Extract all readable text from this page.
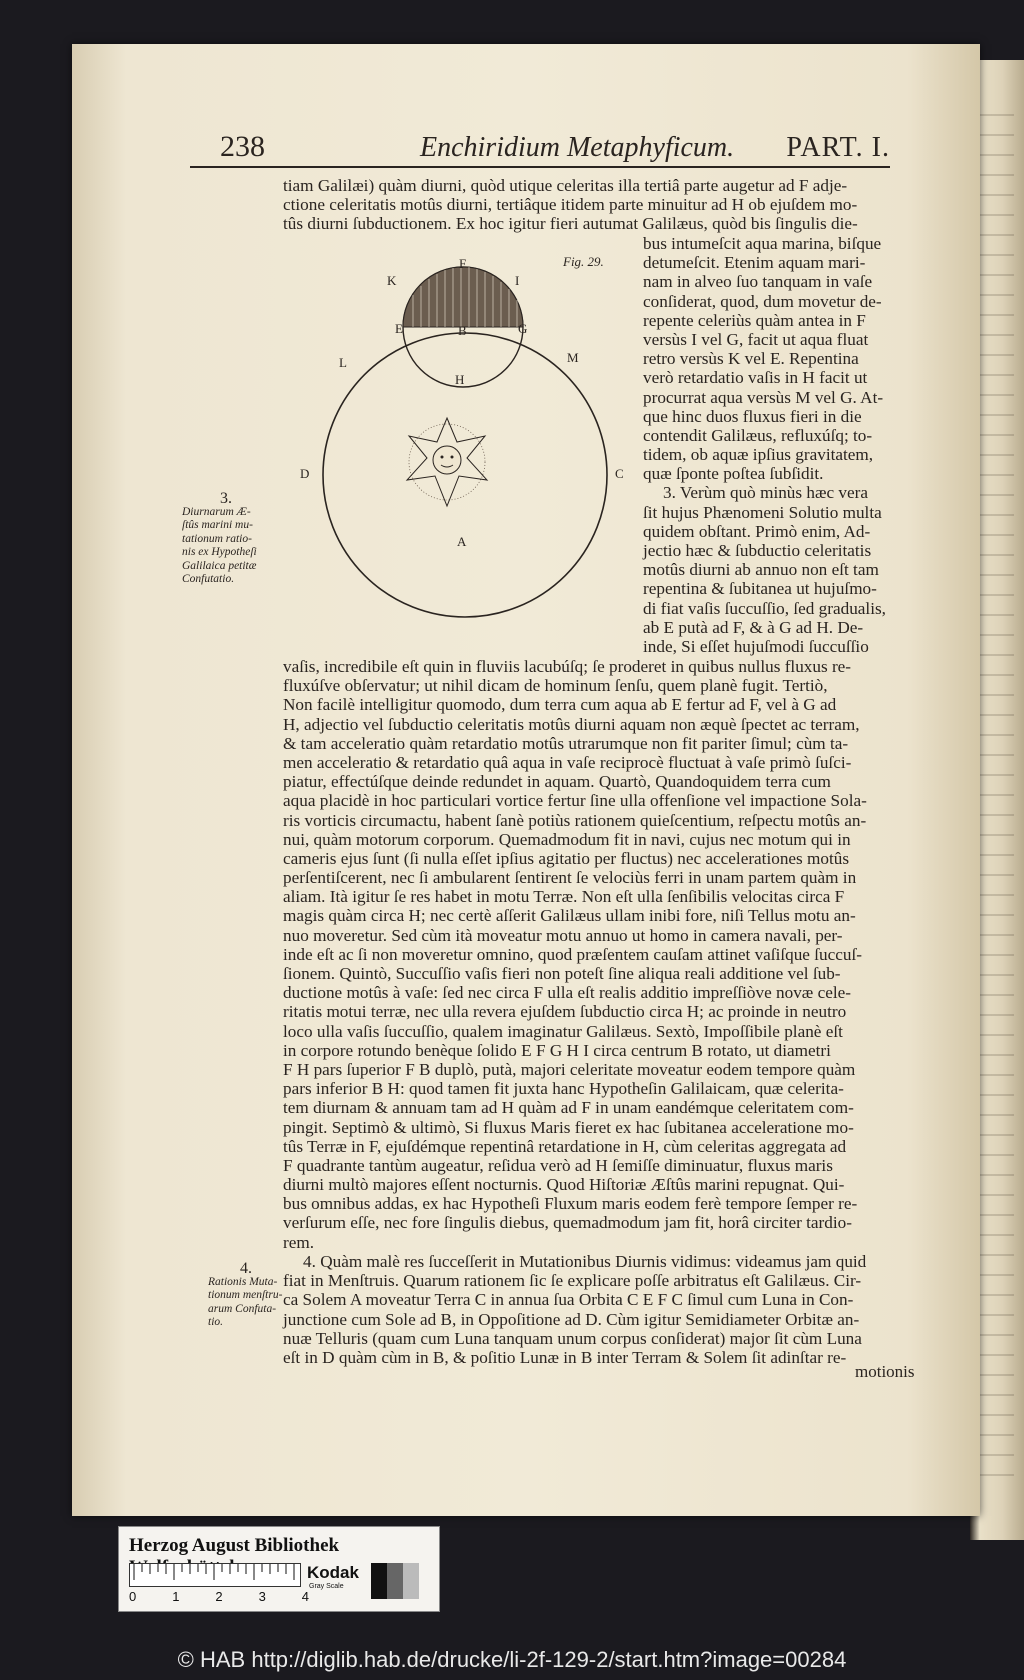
238	Enchiridium Metaphyficum. PART. I.
tiam Galilæi) quàm diurni, quòd utique celeritas illa tertiâ parte augetur ad F adje-
ctione celeritatis motûs diurni, tertiâque itidem parte minuitur ad H ob ejuſdem mo-
tûs diurni ſubductionem. Ex hoc igitur fieri autumat Galilæus, quòd bis ſingulis die-
K
F
I
E	B	G
L	M
H
D	C
A
Fig. 29.
bus intumeſcit aqua marina, biſque
detumeſcit. Etenim aquam mari-
nam in alveo ſuo tanquam in vaſe
conſiderat, quod, dum movetur de-
repente celeriùs quàm antea in F
versùs I vel G, facit ut aqua fluat
retro versùs K vel E. Repentina
verò retardatio vaſis in H facit ut
procurrat aqua versùs M vel G. At-
que hinc duos fluxus fieri in die
contendit Galilæus, refluxúſq; to-
tidem, ob aquæ ipſius gravitatem,
quæ ſponte poſtea ſubſidit.
3. Verùm quò minùs hæc vera
ſit hujus Phænomeni Solutio multa
quidem obſtant. Primò enim, Ad-
jectio hæc & ſubductio celeritatis
motûs diurni ab annuo non eſt tam
repentina & ſubitanea ut hujuſmo-
di fiat vaſis ſuccuſſio, ſed gradualis,
ab E putà ad F, & à G ad H. De-
inde, Si eſſet hujuſmodi ſuccuſſio
3.
Diurnarum Æ-
ſtûs marini mu-
tationum ratio-
nis ex Hypotheſi
Galilaica petitæ
Confutatio.
vaſis, incredibile eſt quin in fluviis lacubúſq; ſe proderet in quibus nullus fluxus re-
fluxúſve obſervatur; ut nihil dicam de hominum ſenſu, quem planè fugit. Tertiò,
Non facilè intelligitur quomodo, dum terra cum aqua ab E fertur ad F, vel à G ad
H, adjectio vel ſubductio celeritatis motûs diurni aquam non æquè ſpectet ac terram,
& tam acceleratio quàm retardatio motûs utrarumque non fit pariter ſimul; cùm ta-
men acceleratio & retardatio quâ aqua in vaſe reciprocè fluctuat à vaſe primò ſuſci-
piatur, effectúſque deinde redundet in aquam. Quartò, Quandoquidem terra cum
aqua placidè in hoc particulari vortice fertur ſine ulla offenſione vel impactione Sola-
ris vorticis circumactu, habent ſanè potiùs rationem quieſcentium, reſpectu motûs an-
nui, quàm motorum corporum. Quemadmodum fit in navi, cujus nec motum qui in
cameris ejus ſunt (ſi nulla eſſet ipſius agitatio per fluctus) nec accelerationes motûs
perſentiſcerent, nec ſi ambularent ſentirent ſe velociùs ferri in unam partem quàm in
aliam. Ità igitur ſe res habet in motu Terræ. Non eſt ulla ſenſibilis velocitas circa F
magis quàm circa H; nec certè aſſerit Galilæus ullam inibi fore, niſi Tellus motu an-
nuo moveretur. Sed cùm ità moveatur motu annuo ut homo in camera navali, per-
inde eſt ac ſi non moveretur omnino, quod præſentem cauſam attinet vaſiſque ſuccuſ-
ſionem. Quintò, Succuſſio vaſis fieri non poteſt ſine aliqua reali additione vel ſub-
ductione motûs à vaſe: ſed nec circa F ulla eſt realis additio impreſſiòve novæ cele-
ritatis motui terræ, nec ulla revera ejuſdem ſubductio circa H; ac proinde in neutro
loco ulla vaſis ſuccuſſio, qualem imaginatur Galilæus. Sextò, Impoſſibile planè eſt
in corpore rotundo benèque ſolido E F G H I circa centrum B rotato, ut diametri
F H pars ſuperior F B duplò, putà, majori celeritate moveatur eodem tempore quàm
pars inferior B H: quod tamen fit juxta hanc Hypotheſin Galilaicam, quæ celerita-
tem diurnam & annuam tam ad H quàm ad F in unam eandémque celeritatem com-
pingit. Septimò & ultimò, Si fluxus Maris fieret ex hac ſubitanea acceleratione mo-
tûs Terræ in F, ejuſdémque repentinâ retardatione in H, cùm celeritas aggregata ad
F quadrante tantùm augeatur, reſidua verò ad H ſemiſſe diminuatur, fluxus maris
diurni multò majores eſſent nocturnis. Quod Hiſtoriæ Æſtûs marini repugnat. Qui-
bus omnibus addas, ex hac Hypotheſi Fluxum maris eodem ferè tempore ſemper re-
verſurum eſſe, nec fore ſingulis diebus, quemadmodum jam fit, horâ circiter tardio-
rem.
4. Quàm malè res ſucceſſerit in Mutationibus Diurnis vidimus: videamus jam quid
fiat in Menſtruis. Quarum rationem ſic ſe explicare poſſe arbitratus eſt Galilæus. Cir-
ca Solem A moveatur Terra C in annua ſua Orbita C E F C ſimul cum Luna in Con-
junctione cum Sole ad B, in Oppoſitione ad D. Cùm igitur Semidiameter Orbitæ an-
nuæ Telluris (quam cum Luna tanquam unum corpus conſiderat) major ſit cùm Luna
eſt in D quàm cùm in B, & poſitio Lunæ in B inter Terram & Solem ſit adinſtar re-
motionis
4.
Rationis Muta-
tionum menſtru-
arum Confuta-
tio.
Herzog August Bibliothek
0	1	2	3	4
Kodak
Gray Scale
© HAB http://diglib.hab.de/drucke/li-2f-129-2/start.htm?image=00284
